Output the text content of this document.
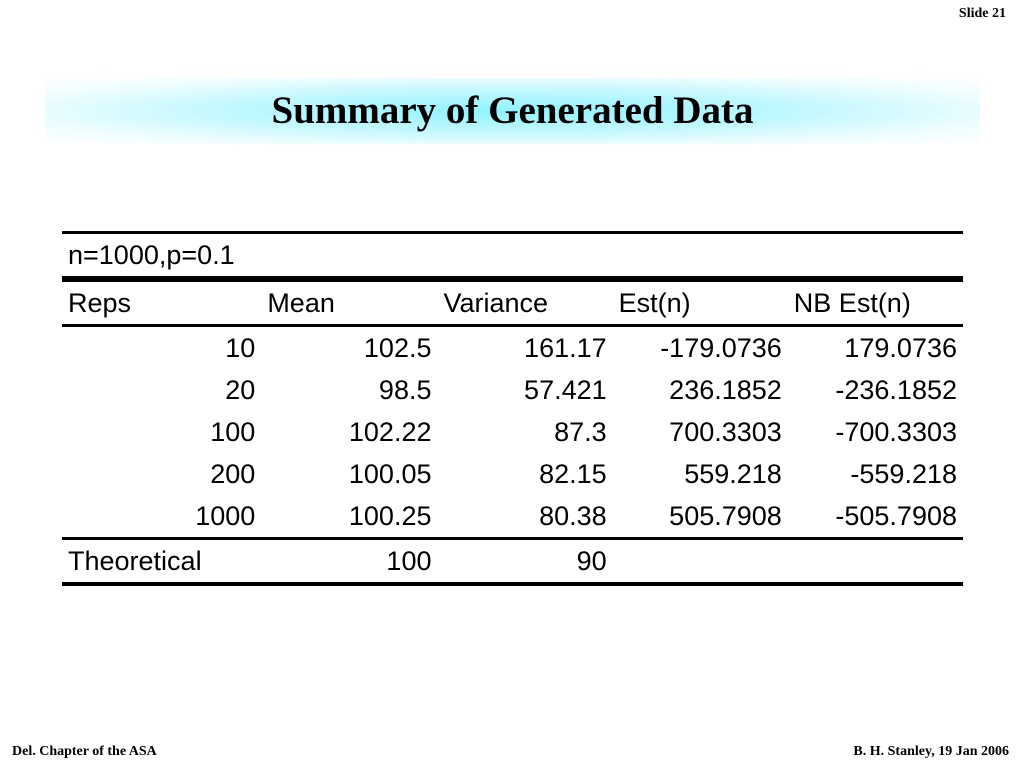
Slide 21
Summary of Generated Data
n=1000,p=0.1				
Reps	Mean	Variance	Est(n)	NB Est(n)
10	102.5	161.17	-179.0736	179.0736
20	98.5	57.421	236.1852	-236.1852
100	102.22	87.3	700.3303	-700.3303
200	100.05	82.15	559.218	-559.218
1000	100.25	80.38	505.7908	-505.7908
Theoretical	100	90		
Del. Chapter of the ASA	B. H. Stanley, 19 Jan 2006
